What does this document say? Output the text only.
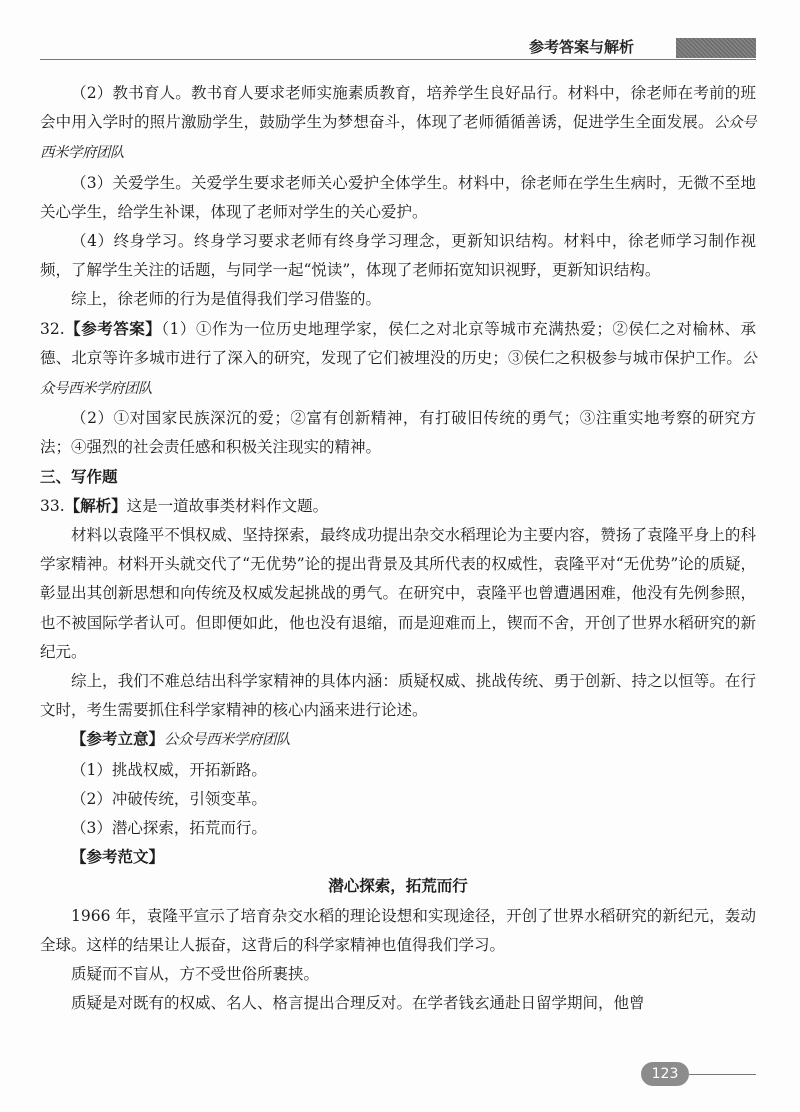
参考答案与解析

（2）教书育人。教书育人要求老师实施素质教育，培养学生良好品行。材料中，徐老师在考前的班会中用入学时的照片激励学生，鼓励学生为梦想奋斗，体现了老师循循善诱，促进学生全面发展。公众号西米学府团队

（3）关爱学生。关爱学生要求老师关心爱护全体学生。材料中，徐老师在学生生病时，无微不至地关心学生，给学生补课，体现了老师对学生的关心爱护。

（4）终身学习。终身学习要求老师有终身学习理念，更新知识结构。材料中，徐老师学习制作视频，了解学生关注的话题，与同学一起“悦读”，体现了老师拓宽知识视野，更新知识结构。

综上，徐老师的行为是值得我们学习借鉴的。

32.【参考答案】（1）①作为一位历史地理学家，侯仁之对北京等城市充满热爱；②侯仁之对榆林、承德、北京等许多城市进行了深入的研究，发现了它们被埋没的历史；③侯仁之积极参与城市保护工作。公众号西米学府团队

（2）①对国家民族深沉的爱；②富有创新精神，有打破旧传统的勇气；③注重实地考察的研究方法；④强烈的社会责任感和积极关注现实的精神。

三、写作题

33.【解析】这是一道故事类材料作文题。

材料以袁隆平不惧权威、坚持探索，最终成功提出杂交水稻理论为主要内容，赞扬了袁隆平身上的科学家精神。材料开头就交代了“无优势”论的提出背景及其所代表的权威性，袁隆平对“无优势”论的质疑，彰显出其创新思想和向传统及权威发起挑战的勇气。在研究中，袁隆平也曾遭遇困难，他没有先例参照，也不被国际学者认可。但即便如此，他也没有退缩，而是迎难而上，锲而不舍，开创了世界水稻研究的新纪元。

综上，我们不难总结出科学家精神的具体内涵：质疑权威、挑战传统、勇于创新、持之以恒等。在行文时，考生需要抓住科学家精神的核心内涵来进行论述。

【参考立意】公众号西米学府团队

（1）挑战权威，开拓新路。

（2）冲破传统，引领变革。

（3）潜心探索，拓荒而行。

【参考范文】

潜心探索，拓荒而行

1966 年，袁隆平宣示了培育杂交水稻的理论设想和实现途径，开创了世界水稻研究的新纪元，轰动全球。这样的结果让人振奋，这背后的科学家精神也值得我们学习。

质疑而不盲从，方不受世俗所裹挟。

质疑是对既有的权威、名人、格言提出合理反对。在学者钱玄通赴日留学期间，他曾

123
